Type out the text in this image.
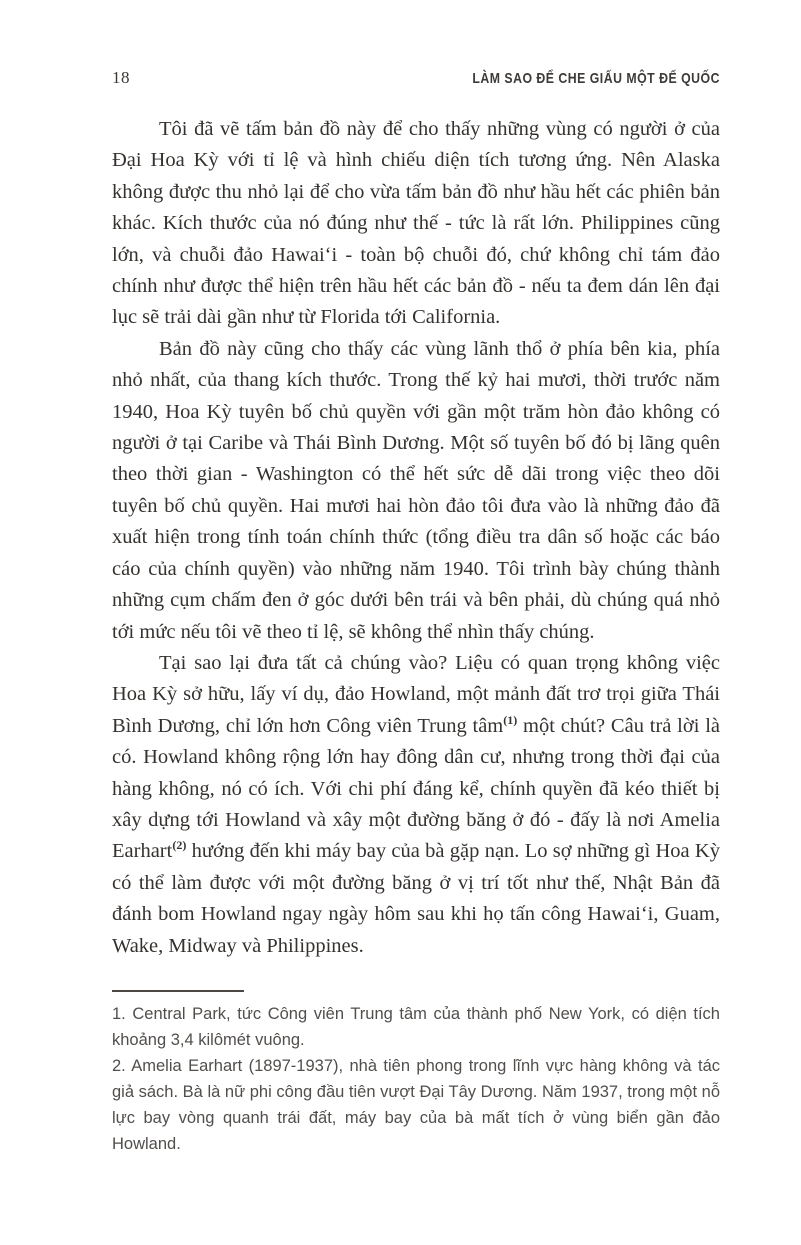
18	LÀM SAO ĐỂ CHE GIẤU MỘT ĐẾ QUỐC

Tôi đã vẽ tấm bản đồ này để cho thấy những vùng có người ở của Đại Hoa Kỳ với tỉ lệ và hình chiếu diện tích tương ứng. Nên Alaska không được thu nhỏ lại để cho vừa tấm bản đồ như hầu hết các phiên bản khác. Kích thước của nó đúng như thế - tức là rất lớn. Philippines cũng lớn, và chuỗi đảo Hawai‘i - toàn bộ chuỗi đó, chứ không chỉ tám đảo chính như được thể hiện trên hầu hết các bản đồ - nếu ta đem dán lên đại lục sẽ trải dài gần như từ Florida tới California.

Bản đồ này cũng cho thấy các vùng lãnh thổ ở phía bên kia, phía nhỏ nhất, của thang kích thước. Trong thế kỷ hai mươi, thời trước năm 1940, Hoa Kỳ tuyên bố chủ quyền với gần một trăm hòn đảo không có người ở tại Caribe và Thái Bình Dương. Một số tuyên bố đó bị lãng quên theo thời gian - Washington có thể hết sức dễ dãi trong việc theo dõi tuyên bố chủ quyền. Hai mươi hai hòn đảo tôi đưa vào là những đảo đã xuất hiện trong tính toán chính thức (tổng điều tra dân số hoặc các báo cáo của chính quyền) vào những năm 1940. Tôi trình bày chúng thành những cụm chấm đen ở góc dưới bên trái và bên phải, dù chúng quá nhỏ tới mức nếu tôi vẽ theo tỉ lệ, sẽ không thể nhìn thấy chúng.

Tại sao lại đưa tất cả chúng vào? Liệu có quan trọng không việc Hoa Kỳ sở hữu, lấy ví dụ, đảo Howland, một mảnh đất trơ trọi giữa Thái Bình Dương, chỉ lớn hơn Công viên Trung tâm$^{(1)}$ một chút? Câu trả lời là có. Howland không rộng lớn hay đông dân cư, nhưng trong thời đại của hàng không, nó có ích. Với chi phí đáng kể, chính quyền đã kéo thiết bị xây dựng tới Howland và xây một đường băng ở đó - đấy là nơi Amelia Earhart$^{(2)}$ hướng đến khi máy bay của bà gặp nạn. Lo sợ những gì Hoa Kỳ có thể làm được với một đường băng ở vị trí tốt như thế, Nhật Bản đã đánh bom Howland ngay ngày hôm sau khi họ tấn công Hawai‘i, Guam, Wake, Midway và Philippines.

1. Central Park, tức Công viên Trung tâm của thành phố New York, có diện tích khoảng 3,4 kilômét vuông.

2. Amelia Earhart (1897-1937), nhà tiên phong trong lĩnh vực hàng không và tác giả sách. Bà là nữ phi công đầu tiên vượt Đại Tây Dương. Năm 1937, trong một nỗ lực bay vòng quanh trái đất, máy bay của bà mất tích ở vùng biển gần đảo Howland.
